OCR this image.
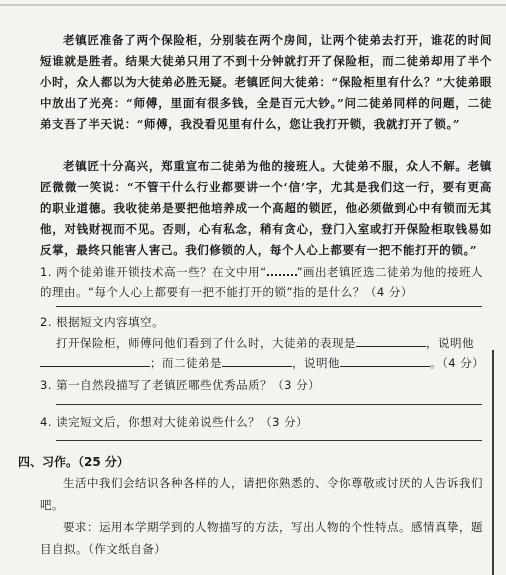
老镇匠准备了两个保险柜，分别装在两个房间，让两个徒弟去打开，谁花的时间短谁就是胜者。结果大徒弟只用了不到十分钟就打开了保险柜，而二徒弟却用了半个小时，众人都以为大徒弟必胜无疑。老镇匠问大徒弟：“保险柜里有什么？”大徒弟眼中放出了光亮：“师傅，里面有很多钱，全是百元大钞。”问二徒弟同样的问题，二徒弟支吾了半天说：“师傅，我没看见里有什么，您让我打开锁，我就打开了锁。”
老镇匠十分高兴，郑重宣布二徒弟为他的接班人。大徒弟不服，众人不解。老镇匠微微一笑说：“不管干什么行业都要讲一个‘信’字，尤其是我们这一行，要有更高的职业道德。我收徒弟是要把他培养成一个高超的锁匠，他必须做到心中有锁而无其他，对钱财视而不见。否则，心有私念，稍有贪心，登门入室或打开保险柜取钱易如反掌，最终只能害人害己。我们修锁的人，每个人心上都要有一把不能打开的锁。”
1. 两个徒弟谁开锁技术高一些？在文中用“	”画出老镇匠选二徒弟为他的接班人的理由。“每个人心上都要有一把不能打开的锁”指的是什么？（4 分）
2. 根据短文内容填空。
打开保险柜，师傅问他们看到了什么时，大徒弟的表现是	，说明他
；而二徒弟是	，说明他	。（4 分）
3. 第一自然段描写了老镇匠哪些优秀品质？（3 分）
4. 读完短文后，你想对大徒弟说些什么？（3 分）
四、习作。（25 分）
生活中我们会结识各种各样的人，请把你熟悉的、令你尊敬或讨厌的人告诉我们吧。
要求：运用本学期学到的人物描写的方法，写出人物的个性特点。感情真挚，题目自拟。（作文纸自备）
